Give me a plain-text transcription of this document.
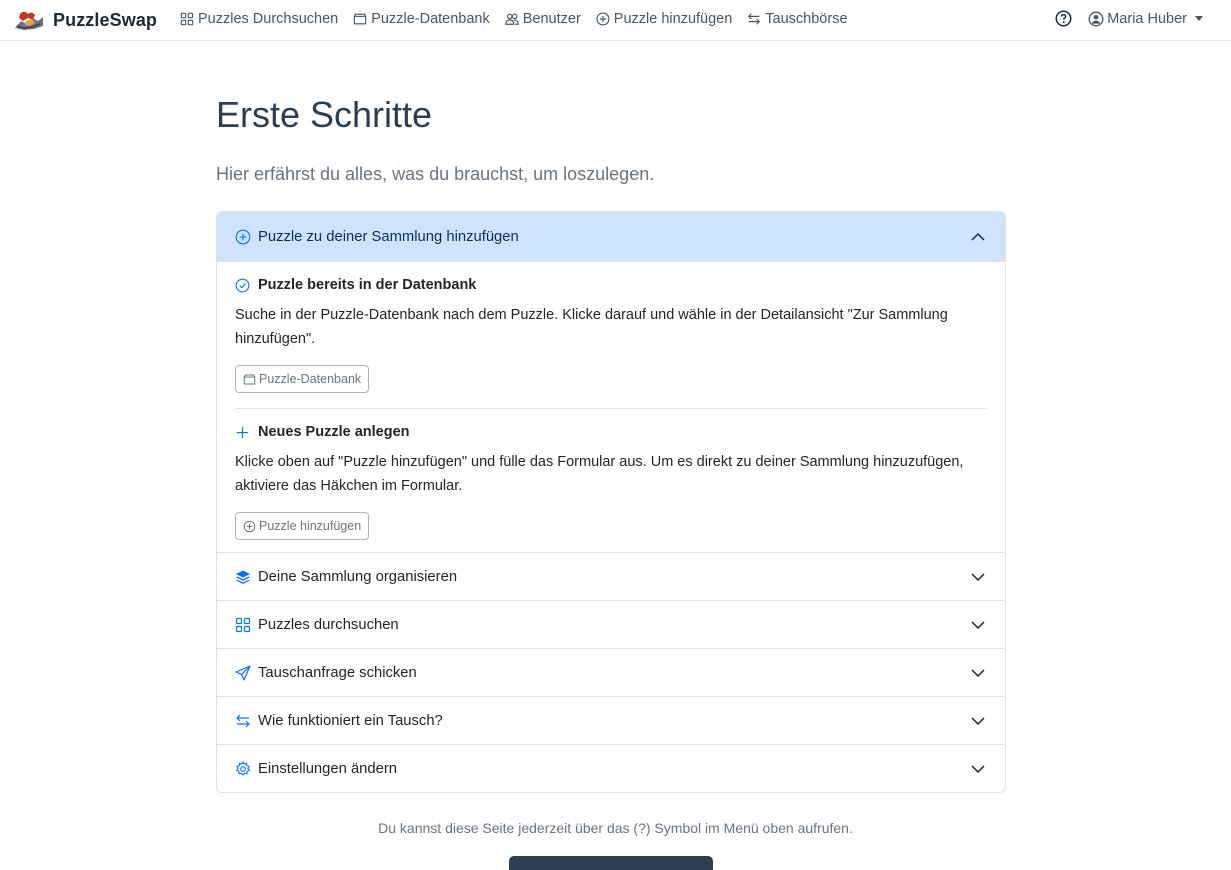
PuzzleSwap	Puzzles Durchsuchen Puzzle-Datenbank Benutzer Puzzle hinzufügen Tauschbörse	Maria Huber
Erste Schritte

Hier erfährst du alles, was du brauchst, um loszulegen.

Puzzle zu deiner Sammlung hinzufügen
Puzzle bereits in der Datenbank

Suche in der Puzzle-Datenbank nach dem Puzzle. Klicke darauf und wähle in der Detailansicht "Zur Sammlung hinzufügen".

Puzzle-Datenbank
Neues Puzzle anlegen

Klicke oben auf "Puzzle hinzufügen" und fülle das Formular aus. Um es direkt zu deiner Sammlung hinzuzufügen, aktiviere das Häkchen im Formular.

Puzzle hinzufügen
Deine Sammlung organisieren
Puzzles durchsuchen
Tauschanfrage schicken
Wie funktioniert ein Tausch?
Einstellungen ändern

Du kannst diese Seite jederzeit über das (?) Symbol im Menü oben aufrufen.
